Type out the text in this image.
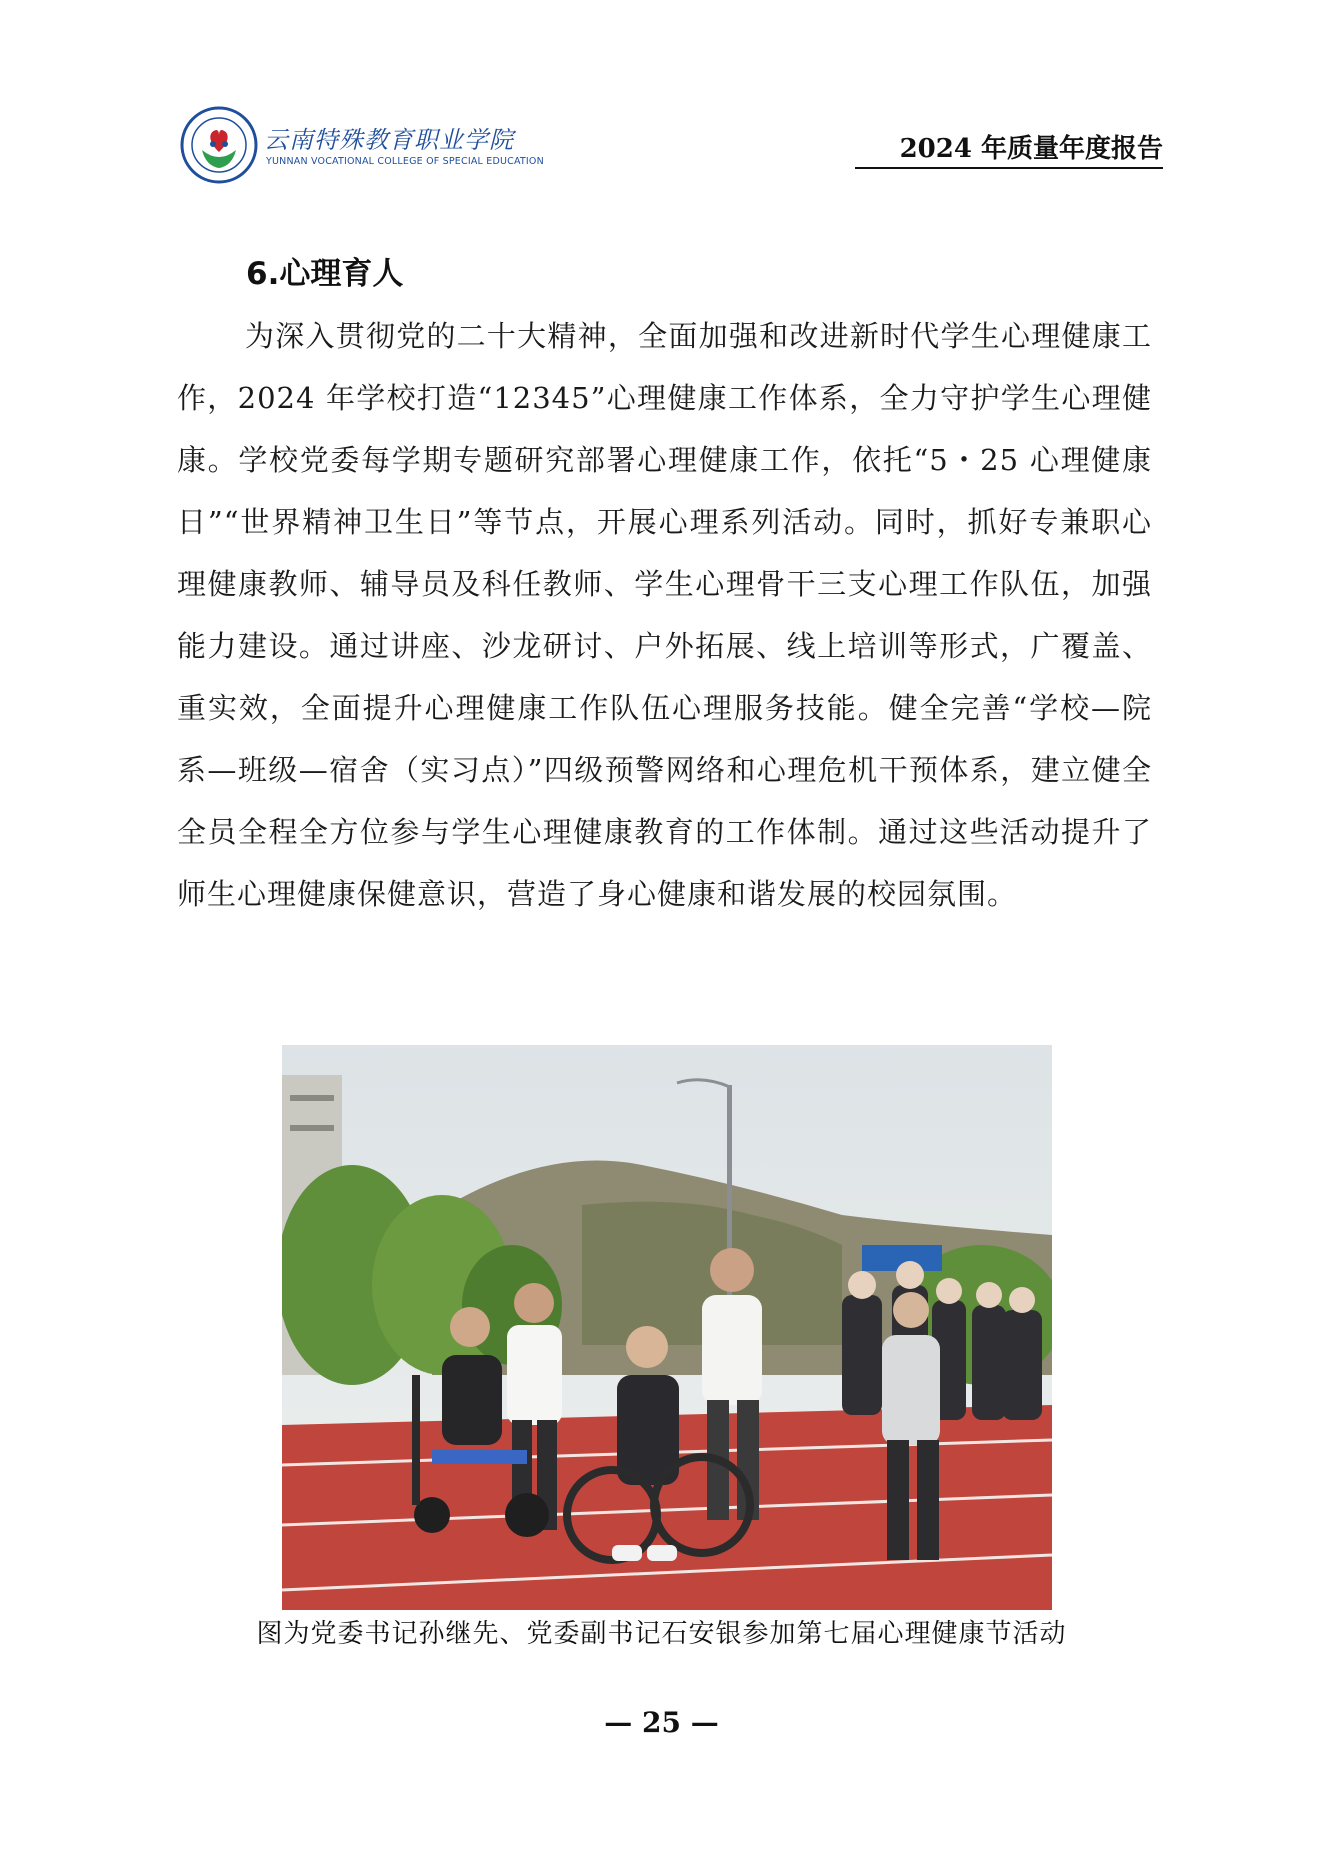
云南特殊教育职业学院
YUNNAN VOCATIONAL COLLEGE OF SPECIAL EDUCATION	2024 年质量年度报告
6.心理育人

为深入贯彻党的二十大精神，全面加强和改进新时代学生心理健康工作，2024 年学校打造“12345”心理健康工作体系，全力守护学生心理健康。学校党委每学期专题研究部署心理健康工作，依托“5・25 心理健康日”“世界精神卫生日”等节点，开展心理系列活动。同时，抓好专兼职心理健康教师、辅导员及科任教师、学生心理骨干三支心理工作队伍，加强能力建设。通过讲座、沙龙研讨、户外拓展、线上培训等形式，广覆盖、重实效，全面提升心理健康工作队伍心理服务技能。健全完善“学校—院系—班级—宿舍（实习点）”四级预警网络和心理危机干预体系，建立健全全员全程全方位参与学生心理健康教育的工作体制。通过这些活动提升了师生心理健康保健意识，营造了身心健康和谐发展的校园氛围。

图为党委书记孙继先、党委副书记石安银参加第七届心理健康节活动
— 25 —
